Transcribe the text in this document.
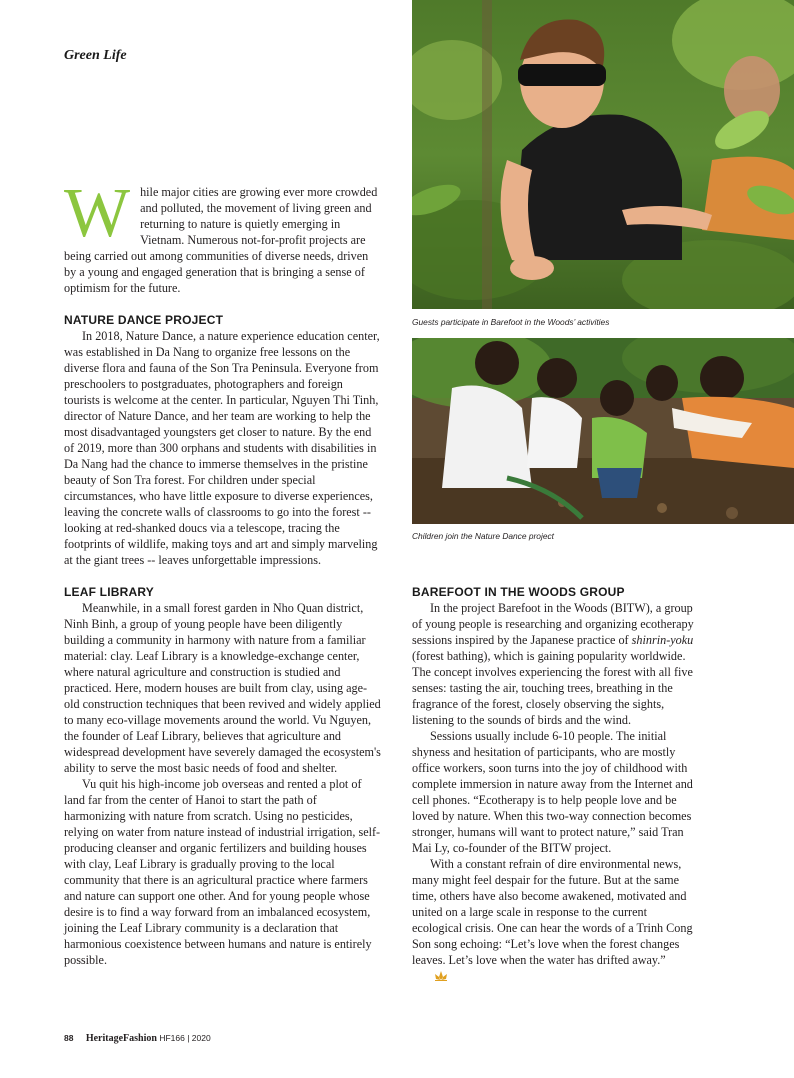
Green Life
W hile major cities are growing ever more crowded and polluted, the movement of living green and returning to nature is quietly emerging in Vietnam. Numerous not-for-profit projects are being carried out among communities of diverse needs, driven by a young and engaged generation that is bringing a sense of optimism for the future.

NATURE DANCE PROJECT

In 2018, Nature Dance, a nature experience education center, was established in Da Nang to organize free lessons on the diverse flora and fauna of the Son Tra Peninsula. Everyone from preschoolers to postgraduates, photographers and foreign tourists is welcome at the center. In particular, Nguyen Thi Tinh, director of Nature Dance, and her team are working to help the most disadvantaged youngsters get closer to nature. By the end of 2019, more than 300 orphans and students with disabilities in Da Nang had the chance to immerse themselves in the pristine beauty of Son Tra forest. For children under special circumstances, who have little exposure to diverse experiences, leaving the concrete walls of classrooms to go into the forest -- looking at red-shanked doucs via a telescope, tracing the footprints of wildlife, making toys and art and simply marveling at the giant trees -- leaves unforgettable impressions.

LEAF LIBRARY

Meanwhile, in a small forest garden in Nho Quan district, Ninh Binh, a group of young people have been diligently building a community in harmony with nature from a familiar material: clay. Leaf Library is a knowledge-exchange center, where natural agriculture and construction is studied and practiced. Here, modern houses are built from clay, using age-old construction techniques that been revived and widely applied to many eco-village movements around the world. Vu Nguyen, the founder of Leaf Library, believes that agriculture and widespread development have severely damaged the ecosystem's ability to serve the most basic needs of food and shelter.

Vu quit his high-income job overseas and rented a plot of land far from the center of Hanoi to start the path of harmonizing with nature from scratch. Using no pesticides, relying on water from nature instead of industrial irrigation, self-producing cleanser and organic fertilizers and building houses with clay, Leaf Library is gradually proving to the local community that there is an agricultural practice where farmers and nature can support one other. And for young people whose desire is to find a way forward from an imbalanced ecosystem, joining the Leaf Library community is a declaration that harmonious coexistence between humans and nature is entirely possible.

Guests participate in Barefoot in the Woods’ activities
Children join the Nature Dance project
BAREFOOT IN THE WOODS GROUP

In the project Barefoot in the Woods (BITW), a group of young people is researching and organizing ecotherapy sessions inspired by the Japanese practice of shinrin-yoku (forest bathing), which is gaining popularity worldwide. The concept involves experiencing the forest with all five senses: tasting the air, touching trees, breathing in the fragrance of the forest, closely observing the sights, listening to the sounds of birds and the wind.

Sessions usually include 6-10 people. The initial shyness and hesitation of participants, who are mostly office workers, soon turns into the joy of childhood with complete immersion in nature away from the Internet and cell phones. “Ecotherapy is to help people love and be loved by nature. When this two-way connection becomes stronger, humans will want to protect nature,” said Tran Mai Ly, co-founder of the BITW project.

With a constant refrain of dire environmental news, many might feel despair for the future. But at the same time, others have also become awakened, motivated and united on a large scale in response to the current ecological crisis. One can hear the words of a Trinh Cong Son song echoing: “Let’s love when the forest changes leaves. Let’s love when the water has drifted away.”

88 HeritageFashion HF166 | 2020
